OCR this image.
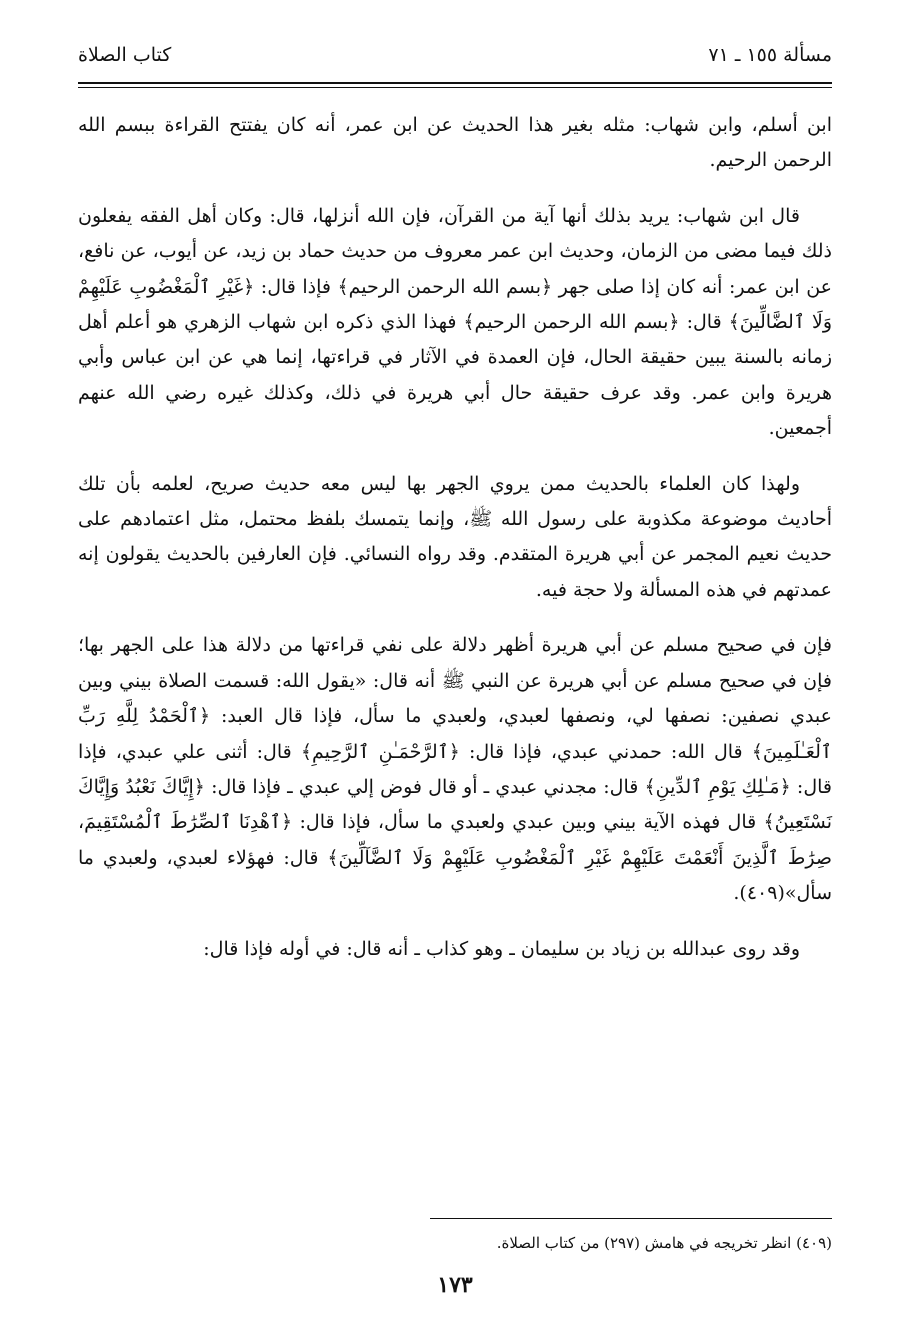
مسألة ١٥٥ ـ ٧١
كتاب الصلاة

ابن أسلم، وابن شهاب: مثله بغير هذا الحديث عن ابن عمر، أنه كان يفتتح القراءة ببسم الله الرحمن الرحيم.

قال ابن شهاب: يريد بذلك أنها آية من القرآن، فإن الله أنزلها، قال: وكان أهل الفقه يفعلون ذلك فيما مضى من الزمان، وحديث ابن عمر معروف من حديث حماد بن زيد، عن أيوب، عن نافع، عن ابن عمر: أنه كان إذا صلى جهر ﴿بسم الله الرحمن الرحيم﴾ فإذا قال: ﴿غَيْرِ ٱلْمَغْضُوبِ عَلَيْهِمْ وَلَا ٱلضَّالِّينَ﴾ قال: ﴿بسم الله الرحمن الرحيم﴾ فهذا الذي ذكره ابن شهاب الزهري هو أعلم أهل زمانه بالسنة يبين حقيقة الحال، فإن العمدة في الآثار في قراءتها، إنما هي عن ابن عباس وأبي هريرة وابن عمر. وقد عرف حقيقة حال أبي هريرة في ذلك، وكذلك غيره رضي الله عنهم أجمعين.

ولهذا كان العلماء بالحديث ممن يروي الجهر بها ليس معه حديث صريح، لعلمه بأن تلك أحاديث موضوعة مكذوبة على رسول الله ﷺ، وإنما يتمسك بلفظ محتمل، مثل اعتمادهم على حديث نعيم المجمر عن أبي هريرة المتقدم. وقد رواه النسائي. فإن العارفين بالحديث يقولون إنه عمدتهم في هذه المسألة ولا حجة فيه.

فإن في صحيح مسلم عن أبي هريرة أظهر دلالة على نفي قراءتها من دلالة هذا على الجهر بها؛ فإن في صحيح مسلم عن أبي هريرة عن النبي ﷺ أنه قال: «يقول الله: قسمت الصلاة بيني وبين عبدي نصفين: نصفها لي، ونصفها لعبدي، ولعبدي ما سأل، فإذا قال العبد: ﴿ٱلْحَمْدُ لِلَّهِ رَبِّ ٱلْعَـٰلَمِينَ﴾ قال الله: حمدني عبدي، فإذا قال: ﴿ٱلرَّحْمَـٰنِ ٱلرَّحِيمِ﴾ قال: أثنى علي عبدي، فإذا قال: ﴿مَـٰلِكِ يَوْمِ ٱلدِّينِ﴾ قال: مجدني عبدي ـ أو قال فوض إلي عبدي ـ فإذا قال: ﴿إِيَّاكَ نَعْبُدُ وَإِيَّاكَ نَسْتَعِينُ﴾ قال فهذه الآية بيني وبين عبدي ولعبدي ما سأل، فإذا قال: ﴿ٱهْدِنَا ٱلصِّرَٰطَ ٱلْمُسْتَقِيمَ، صِرَٰطَ ٱلَّذِينَ أَنْعَمْتَ عَلَيْهِمْ غَيْرِ ٱلْمَغْضُوبِ عَلَيْهِمْ وَلَا ٱلضَّآلِّينَ﴾ قال: فهؤلاء لعبدي، ولعبدي ما سأل»(٤٠٩).

وقد روى عبدالله بن زياد بن سليمان ـ وهو كذاب ـ أنه قال: في أوله فإذا قال:

(٤٠٩) انظر تخريجه في هامش (٢٩٧) من كتاب الصلاة.
١٧٣
